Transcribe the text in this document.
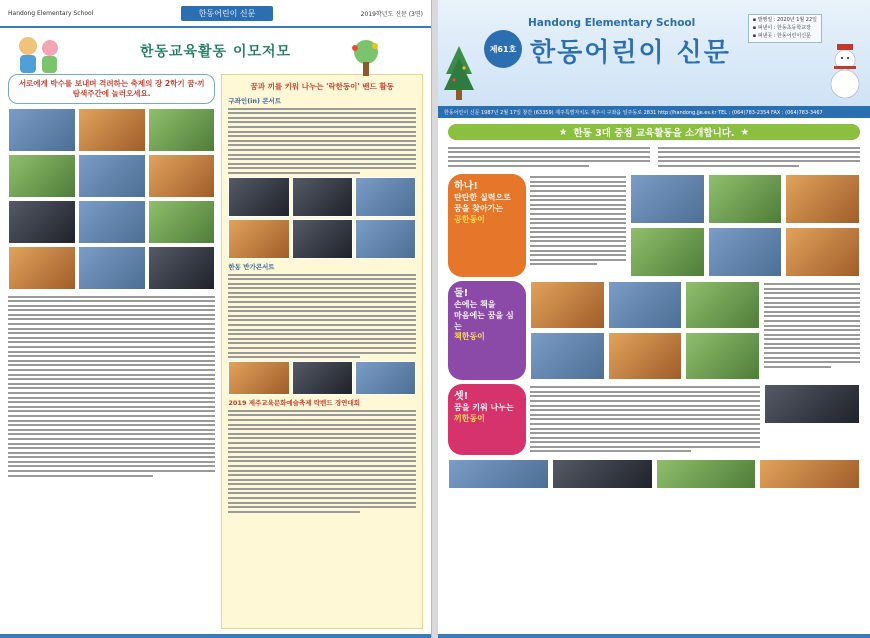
Handong Elementary School	한동어린이 신문	2019학년도 신문 (3면)
한동교육활동 이모저모
서로에게 박수를 보내며 격려하는 축제의 장 2학기 꿈·끼 탐색주간에 놀러오세요.
꿈과 끼를 키워 나누는 '락한동이' 밴드 활동
구좌인(in) 콘서트
한동 반가콘서트
2019 제주교육문화예술축제 락밴드 경연대회
제61호
Handong Elementary School
한동어린이 신문
▪ 발행일 : 2020년 1월 22일
▪ 펴낸이 : 한동초등학교장
▪ 펴낸곳 : 한동어린이신문
한동어린이 신문 1987년 2월 17일 창간 (63359) 제주특별자치도 제주시 구좌읍 일주동로 2831 http://handong.jje.es.kr TEL : (064)783-2354 FAX : (064)783-3467
★ 한동 3대 중점 교육활동을 소개합니다. ★
하나!
탄탄한 실력으로
꿈을 찾아가는
공한동이
둘!
손에는 책을
마음에는 꿈을 심는
책한동이
셋!
꿈을 키워 나누는
끼한동이
